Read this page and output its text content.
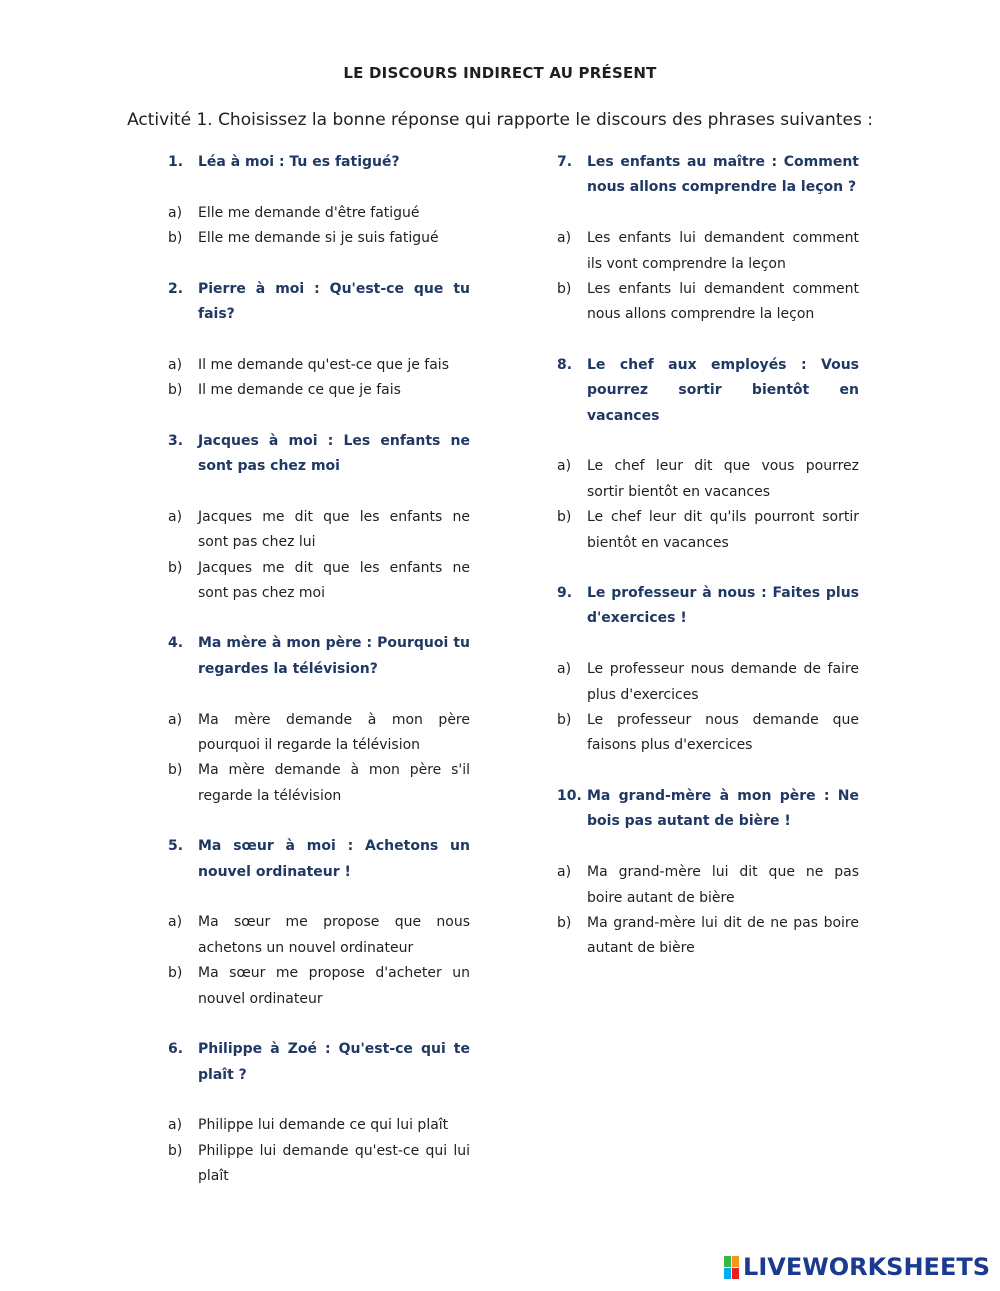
LE DISCOURS INDIRECT AU PRÉSENT
Activité 1. Choisissez la bonne réponse qui rapporte le discours des phrases suivantes :
1.	Léa à moi : Tu es fatigué?
a)	Elle me demande d'être fatigué
b)	Elle me demande si je suis fatigué
2.	Pierre à moi : Qu'est-ce que tu fais?
a)	Il me demande qu'est-ce que je fais
b)	Il me demande ce que je fais
3.	Jacques à moi : Les enfants ne sont pas chez moi
a)	Jacques me dit que les enfants ne sont pas chez lui
b)	Jacques me dit que les enfants ne sont pas chez moi
4.	Ma mère à mon père : Pourquoi tu regardes la télévision?
a)	Ma mère demande à mon père pourquoi il regarde la télévision
b)	Ma mère demande à mon père s'il regarde la télévision
5.	Ma sœur à moi : Achetons un nouvel ordinateur !
a)	Ma sœur me propose que nous achetons un nouvel ordinateur
b)	Ma sœur me propose d'acheter un nouvel ordinateur
6.	Philippe à Zoé : Qu'est-ce qui te plaît ?
a)	Philippe lui demande ce qui lui plaît
b)	Philippe lui demande qu'est-ce qui lui plaît
7.	Les enfants au maître : Comment nous allons comprendre la leçon ?
a)	Les enfants lui demandent comment ils vont comprendre la leçon
b)	Les enfants lui demandent comment nous allons comprendre la leçon
8.	Le chef aux employés : Vous pourrez sortir bientôt en vacances
a)	Le chef leur dit que vous pourrez sortir bientôt en vacances
b)	Le chef leur dit qu'ils pourront sortir bientôt en vacances
9.	Le professeur à nous : Faites plus d'exercices !
a)	Le professeur nous demande de faire plus d'exercices
b)	Le professeur nous demande que faisons plus d'exercices
10. Ma grand-mère à mon père : Ne bois pas autant de bière !
a)	Ma grand-mère lui dit que ne pas boire autant de bière
b)	Ma grand-mère lui dit de ne pas boire autant de bière
LIVEWORKSHEETS
